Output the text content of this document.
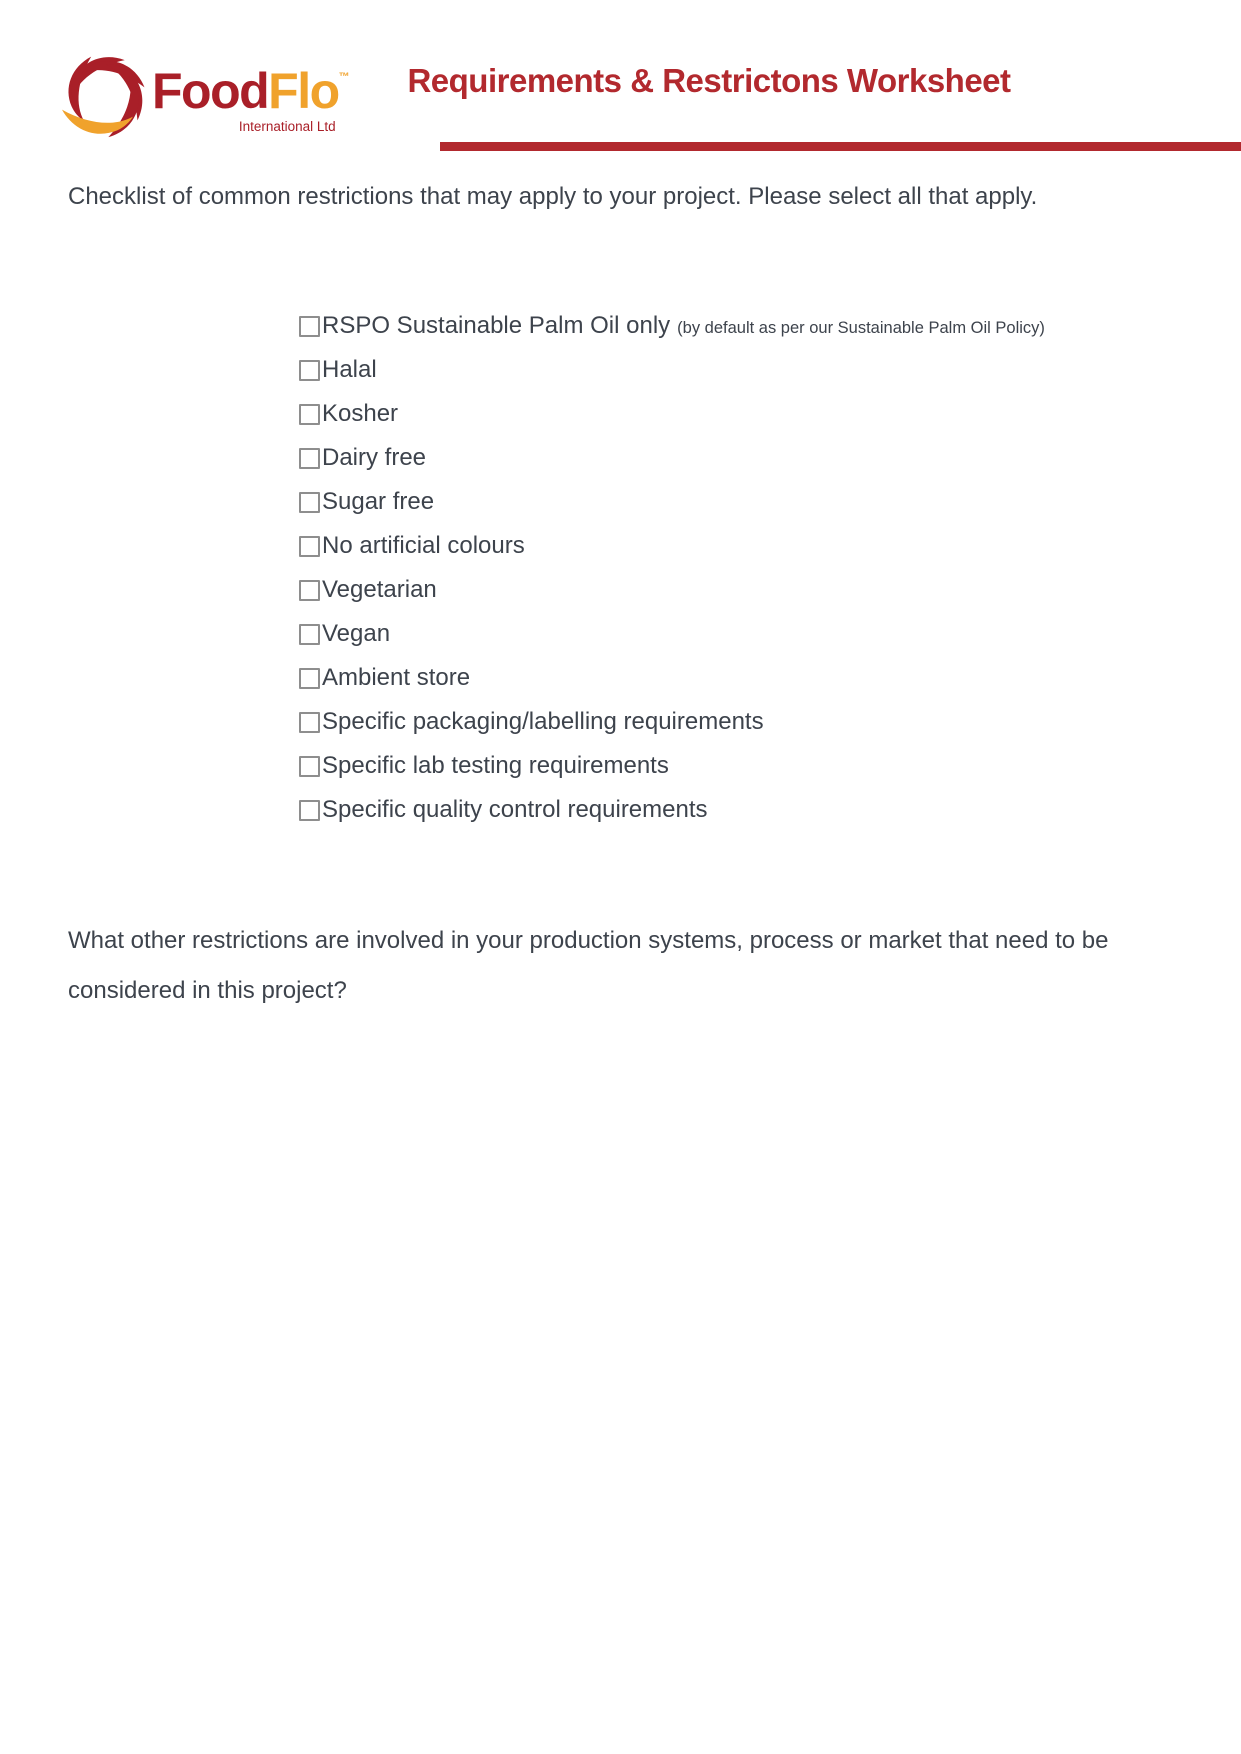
FoodFlo™
International Ltd
Requirements & Restrictons Worksheet
Checklist of common restrictions that may apply to your project. Please select all that apply.
RSPO Sustainable Palm Oil only (by default as per our Sustainable Palm Oil Policy)
Halal
Kosher
Dairy free
Sugar free
No artificial colours
Vegetarian
Vegan
Ambient store
Specific packaging/labelling requirements
Specific lab testing requirements
Specific quality control requirements
What other restrictions are involved in your production systems, process or market that need to be considered in this project?
